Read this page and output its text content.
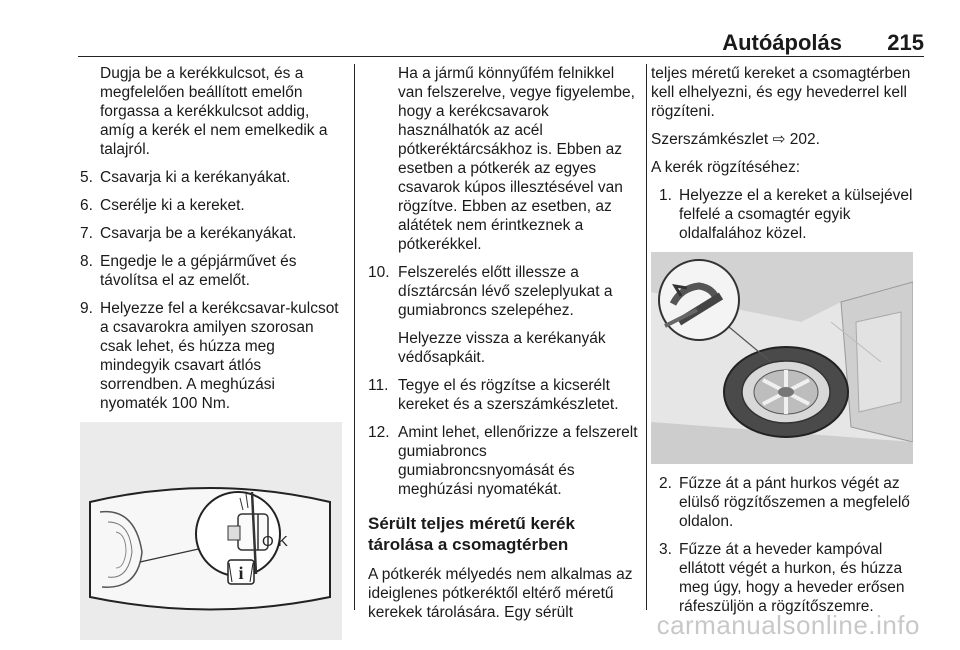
Autóápolás 215

Dugja be a kerékkulcsot, és a megfelelően beállított emelőn forgassa a kerékkulcsot addig, amíg a kerék el nem emelkedik a talajról.

5. Csavarja ki a kerékanyákat.
6. Cserélje ki a kereket.
7. Csavarja be a kerékanyákat.
8. Engedje le a gépjárművet és távolítsa el az emelőt.
9. Helyezze fel a kerékcsavar-kulcsot a csavarokra amilyen szorosan csak lehet, és húzza meg mindegyik csavart átlós sorrendben. A meghúzási nyomaték 100 Nm.
i
O K

Ha a jármű könnyűfém felnikkel van felszerelve, vegye figyelembe, hogy a kerékcsavarok használhatók az acél pótkeréktárcsákhoz is. Ebben az esetben a pótkerék az egyes csavarok kúpos illesztésével van rögzítve. Ebben az esetben, az alátétek nem érintkeznek a pótkerékkel.

10. Felszerelés előtt illessze a dísztárcsán lévő szeleplyukat a gumiabroncs szelepéhez.
Helyezze vissza a kerékanyák védősapkáit.
11. Tegye el és rögzítse a kicserélt kereket és a szerszámkészletet.
12. Amint lehet, ellenőrizze a felszerelt gumiabroncs gumiabroncsnyomását és meghúzási nyomatékát.
Sérült teljes méretű kerék tárolása a csomagtérben

A pótkerék mélyedés nem alkalmas az ideiglenes pótkeréktől eltérő méretű kerekek tárolására. Egy sérült

teljes méretű kereket a csomagtérben kell elhelyezni, és egy hevederrel kell rögzíteni.

Szerszámkészlet ⇨ 202.

A kerék rögzítéséhez:

1. Helyezze el a kereket a külsejével felfelé a csomagtér egyik oldalfalához közel.
2. Fűzze át a pánt hurkos végét az elülső rögzítőszemen a megfelelő oldalon.
3. Fűzze át a heveder kampóval ellátott végét a hurkon, és húzza meg úgy, hogy a heveder erősen ráfeszüljön a rögzítőszemre.
carmanualsonline.info
